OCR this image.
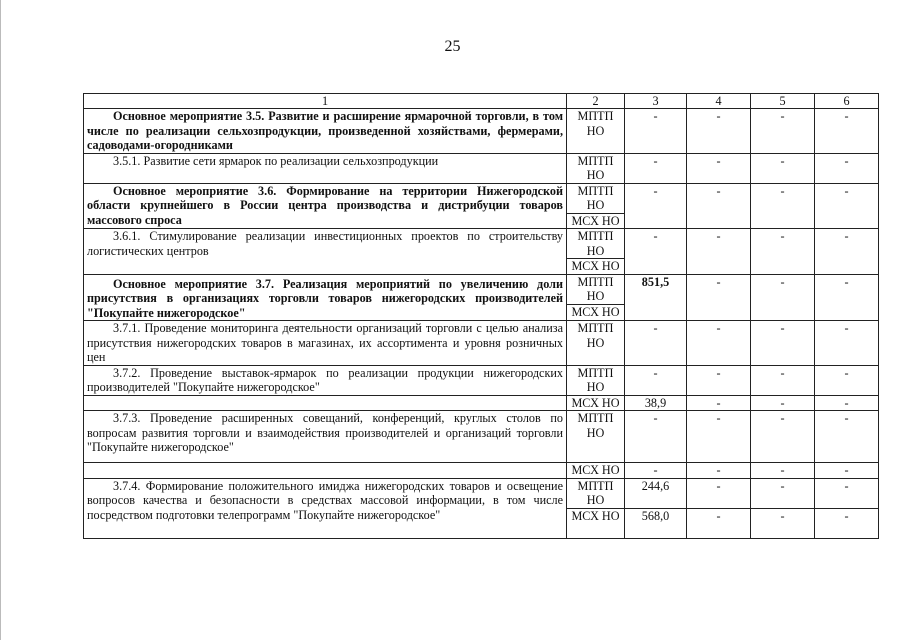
25
1	2	3	4	5	6
Основное мероприятие 3.5. Развитие и расширение ярмарочной торговли, в том числе по реализации сельхозпродукции, произведенной хозяйствами, фермерами, садоводами-огородниками	МПТП НО	-	-	-	-
3.5.1. Развитие сети ярмарок по реализации сельхозпродукции	МПТП НО	-	-	-	-
Основное мероприятие 3.6. Формирование на территории Нижегородской области крупнейшего в России центра производства и дистрибуции товаров массового спроса	МПТП НО	-	-	-	-
	МСХ НО				
3.6.1. Стимулирование реализации инвестиционных проектов по строительству логистических центров	МПТП НО	-	-	-	-
	МСХ НО				
Основное мероприятие 3.7. Реализация мероприятий по увеличению доли присутствия в организациях торговли товаров нижегородских производителей "Покупайте нижегородское"	МПТП НО	851,5	-	-	-
	МСХ НО				
3.7.1. Проведение мониторинга деятельности организаций торговли с целью анализа присутствия нижегородских товаров в магазинах, их ассортимента и уровня розничных цен	МПТП НО	-	-	-	-
3.7.2. Проведение выставок-ярмарок по реализации продукции нижегородских производителей "Покупайте нижегородское"	МПТП НО	-	-	-	-
	МСХ НО	38,9	-	-	-
3.7.3. Проведение расширенных совещаний, конференций, круглых столов по вопросам развития торговли и взаимодействия производителей и организаций торговли "Покупайте нижегородское"	МПТП НО	-	-	-	-
	МСХ НО	-	-	-	-
3.7.4. Формирование положительного имиджа нижегородских товаров и освещение вопросов качества и безопасности в средствах массовой информации, в том числе посредством подготовки телепрограмм "Покупайте нижегородское"	МПТП НО	244,6	-	-	-
	МСХ НО	568,0	-	-	-
